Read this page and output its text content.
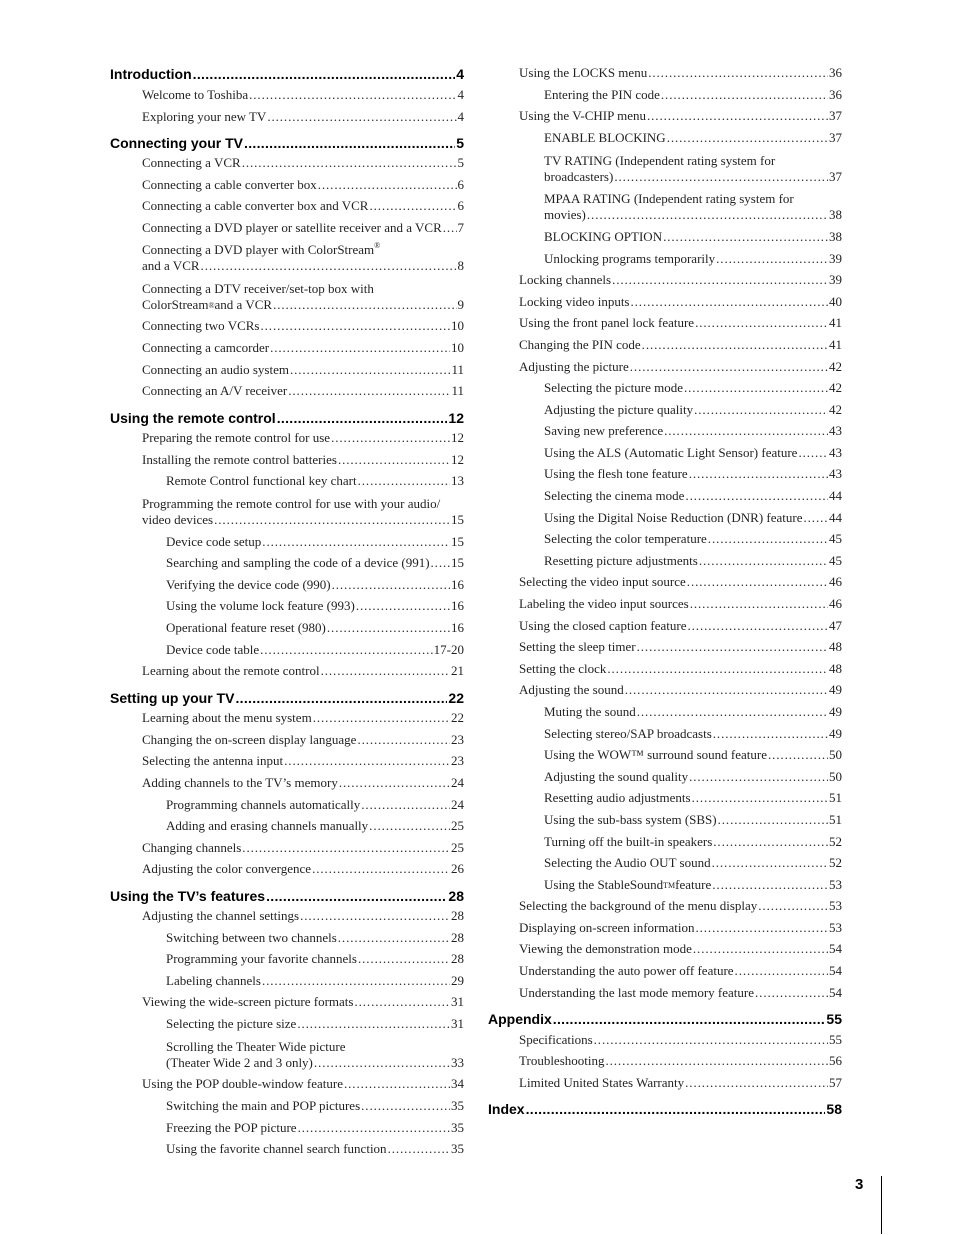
Introduction .....	4
Welcome to Toshiba .....	4
Exploring your new TV .....	4
Connecting your TV .....	5
Connecting a VCR .....	5
Connecting a cable converter box .....	6
Connecting a cable converter box and VCR .....	6
Connecting a DVD player or satellite receiver and a VCR ..... 7
Connecting a DVD player with ColorStream®
and a VCR .....	8
Connecting a DTV receiver/set-top box with
ColorStream® and a VCR .....	9
Connecting two VCRs .....	10
Connecting a camcorder .....	10
Connecting an audio system .....	11
Connecting an A/V receiver .....	11
Using the remote control .....	12
Preparing the remote control for use .....	12
Installing the remote control batteries .....	12
Remote Control functional key chart .....	13
Programming the remote control for use with your audio/
video devices .....	15
Device code setup .....	15
Searching and sampling the code of a device (991) ..... 15
Verifying the device code (990) .....	16
Using the volume lock feature (993) .....	16
Operational feature reset (980) .....	16
Device code table .....	17-20
Learning about the remote control .....	21
Setting up your TV .....	22
Learning about the menu system .....	22
Changing the on-screen display language .....	23
Selecting the antenna input .....	23
Adding channels to the TV’s memory .....	24
Programming channels automatically .....	24
Adding and erasing channels manually .....	25
Changing channels .....	25
Adjusting the color convergence .....	26
Using the TV’s features .....	28
Adjusting the channel settings .....	28
Switching between two channels .....	28
Programming your favorite channels .....	28
Labeling channels .....	29
Viewing the wide-screen picture formats .....	31
Selecting the picture size .....	31
Scrolling the Theater Wide picture
(Theater Wide 2 and 3 only) .....	33
Using the POP double-window feature .....	34
Switching the main and POP pictures .....	35
Freezing the POP picture .....	35
Using the favorite channel search function .....	35
Using the LOCKS menu .....	36
Entering the PIN code .....	36
Using the V-CHIP menu .....	37
ENABLE BLOCKING .....	37
TV RATING (Independent rating system for
broadcasters) .....	37
MPAA RATING (Independent rating system for
movies) .....	38
BLOCKING OPTION .....	38
Unlocking programs temporarily .....	39
Locking channels .....	39
Locking video inputs .....	40
Using the front panel lock feature .....	41
Changing the PIN code .....	41
Adjusting the picture .....	42
Selecting the picture mode .....	42
Adjusting the picture quality .....	42
Saving new preference .....	43
Using the ALS (Automatic Light Sensor) feature ..... 43
Using the flesh tone feature .....	43
Selecting the cinema mode .....	44
Using the Digital Noise Reduction (DNR) feature ..... 44
Selecting the color temperature .....	45
Resetting picture adjustments .....	45
Selecting the video input source .....	46
Labeling the video input sources .....	46
Using the closed caption feature .....	47
Setting the sleep timer .....	48
Setting the clock .....	48
Adjusting the sound .....	49
Muting the sound .....	49
Selecting stereo/SAP broadcasts .....	49
Using the WOW™ surround sound feature .....	50
Adjusting the sound quality .....	50
Resetting audio adjustments .....	51
Using the sub-bass system (SBS) .....	51
Turning off the built-in speakers .....	52
Selecting the Audio OUT sound .....	52
Using the StableSound™ feature .....	53
Selecting the background of the menu display .....	53
Displaying on-screen information .....	53
Viewing the demonstration mode .....	54
Understanding the auto power off feature .....	54
Understanding the last mode memory feature .....	54
Appendix .....	55
Specifications .....	55
Troubleshooting .....	56
Limited United States Warranty .....	57
Index .....	58
3
